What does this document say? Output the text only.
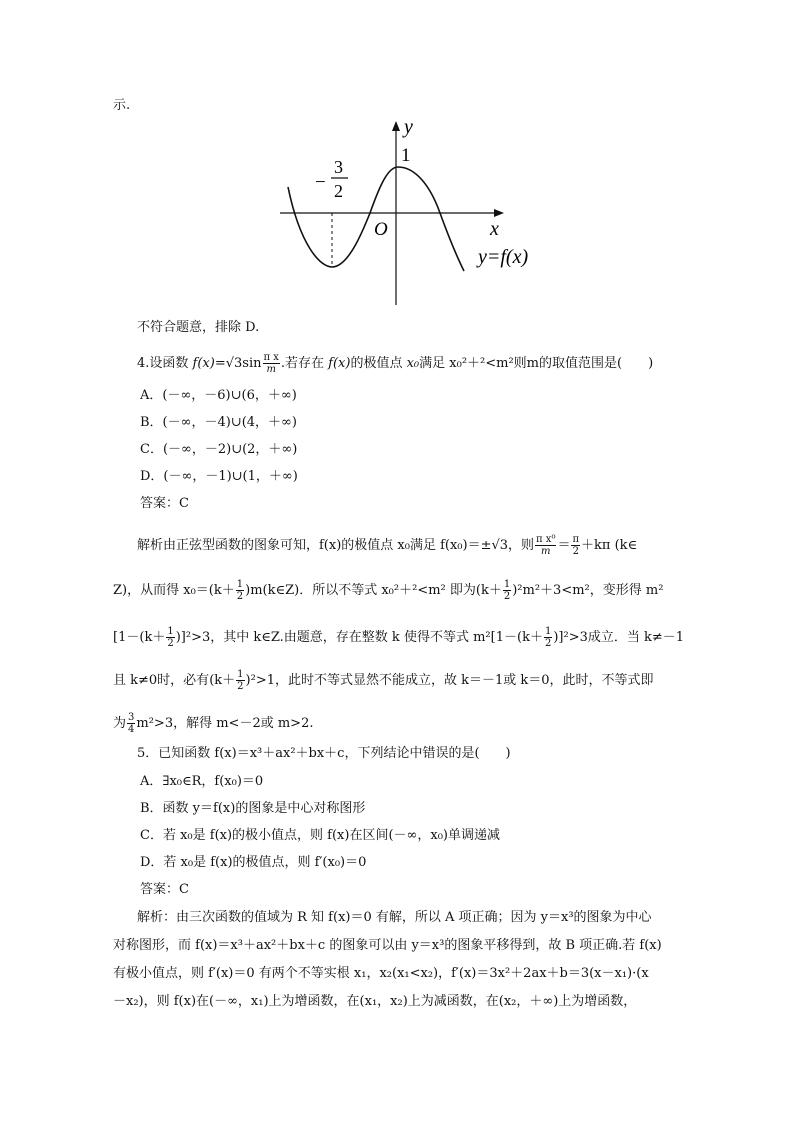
示.
y
x
O
1
−
3
2
y=f(x)
不符合题意，排除 D.
4.设函数 $f(x)=√3\sin \frac{\text{π x}}{m}$ .若存在 f(x)的极值点 x₀满足 x₀²＋²<m²则m的取值范围是(　　)
A．(－∞，－6)∪(6，＋∞)
B．(－∞，－4)∪(4，＋∞)
C．(－∞，－2)∪(2，＋∞)
D．(－∞，－1)∪(1，＋∞)
答案：C
解析由正弦型函数的图象可知，f(x)的极值点 x₀满足 f(x₀)＝±√3，则 $\frac{\text{π x⁰}}{m} = \frac{\pi}{2} +k\pi$ (k∈
Z)，从而得 $x_0=(k+ \frac{1}{2}$ )m(k∈Z)．所以不等式 x₀²＋²<m² 即为$(k+ \frac{1}{2} )^2m^2+3<m^2$，变形得 m²
$[1-(k+ \frac{1}{2} )]^2>3$，其中 k∈Z.由题意，存在整数 k 使得不等式 $m^2[1-(k+ \frac{1}{2} )]^2>3$成立．当 k≠－1
且 k≠0时，必有$(k+ \frac{1}{2} )^2>1$，此时不等式显然不能成立，故 k＝－1或 k＝0，此时，不等式即
为 $\frac{3}{4} m^2>3$，解得 m<－2或 m>2.
5．已知函数 f(x)＝x³＋ax²＋bx＋c，下列结论中错误的是(　　)
A．∃x₀∈R，f(x₀)＝0
B．函数 y＝f(x)的图象是中心对称图形
C．若 x₀是 f(x)的极小值点，则 f(x)在区间(－∞，x₀)单调递减
D．若 x₀是 f(x)的极值点，则 f′(x₀)＝0
答案：C
解析：由三次函数的值域为 R 知 f(x)＝0 有解，所以 A 项正确；因为 y＝x³的图象为中心
对称图形，而 f(x)＝x³＋ax²＋bx＋c 的图象可以由 y＝x³的图象平移得到，故 B 项正确.若 f(x)
有极小值点，则 f′(x)＝0 有两个不等实根 x₁，x₂(x₁<x₂)，f′(x)＝3x²＋2ax＋b＝3(x－x₁)·(x
－x₂)，则 f(x)在(－∞，x₁)上为增函数，在(x₁，x₂)上为减函数，在(x₂，＋∞)上为增函数，
